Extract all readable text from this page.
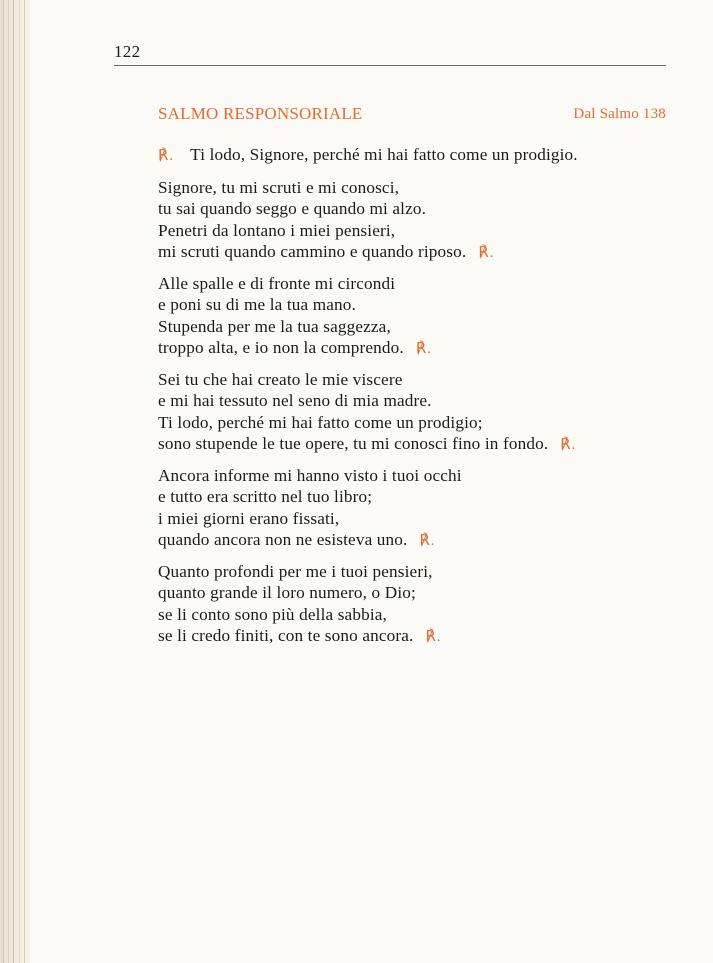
122
SALMO RESPONSORIALE	Dal Salmo 138
℟. Ti lodo, Signore, perché mi hai fatto come un prodigio.
Signore, tu mi scruti e mi conosci,
tu sai quando seggo e quando mi alzo.
Penetri da lontano i miei pensieri,
mi scruti quando cammino e quando riposo. ℟.
Alle spalle e di fronte mi circondi
e poni su di me la tua mano.
Stupenda per me la tua saggezza,
troppo alta, e io non la comprendo. ℟.
Sei tu che hai creato le mie viscere
e mi hai tessuto nel seno di mia madre.
Ti lodo, perché mi hai fatto come un prodigio;
sono stupende le tue opere, tu mi conosci fino in fondo. ℟.
Ancora informe mi hanno visto i tuoi occhi
e tutto era scritto nel tuo libro;
i miei giorni erano fissati,
quando ancora non ne esisteva uno. ℟.
Quanto profondi per me i tuoi pensieri,
quanto grande il loro numero, o Dio;
se li conto sono più della sabbia,
se li credo finiti, con te sono ancora. ℟.
